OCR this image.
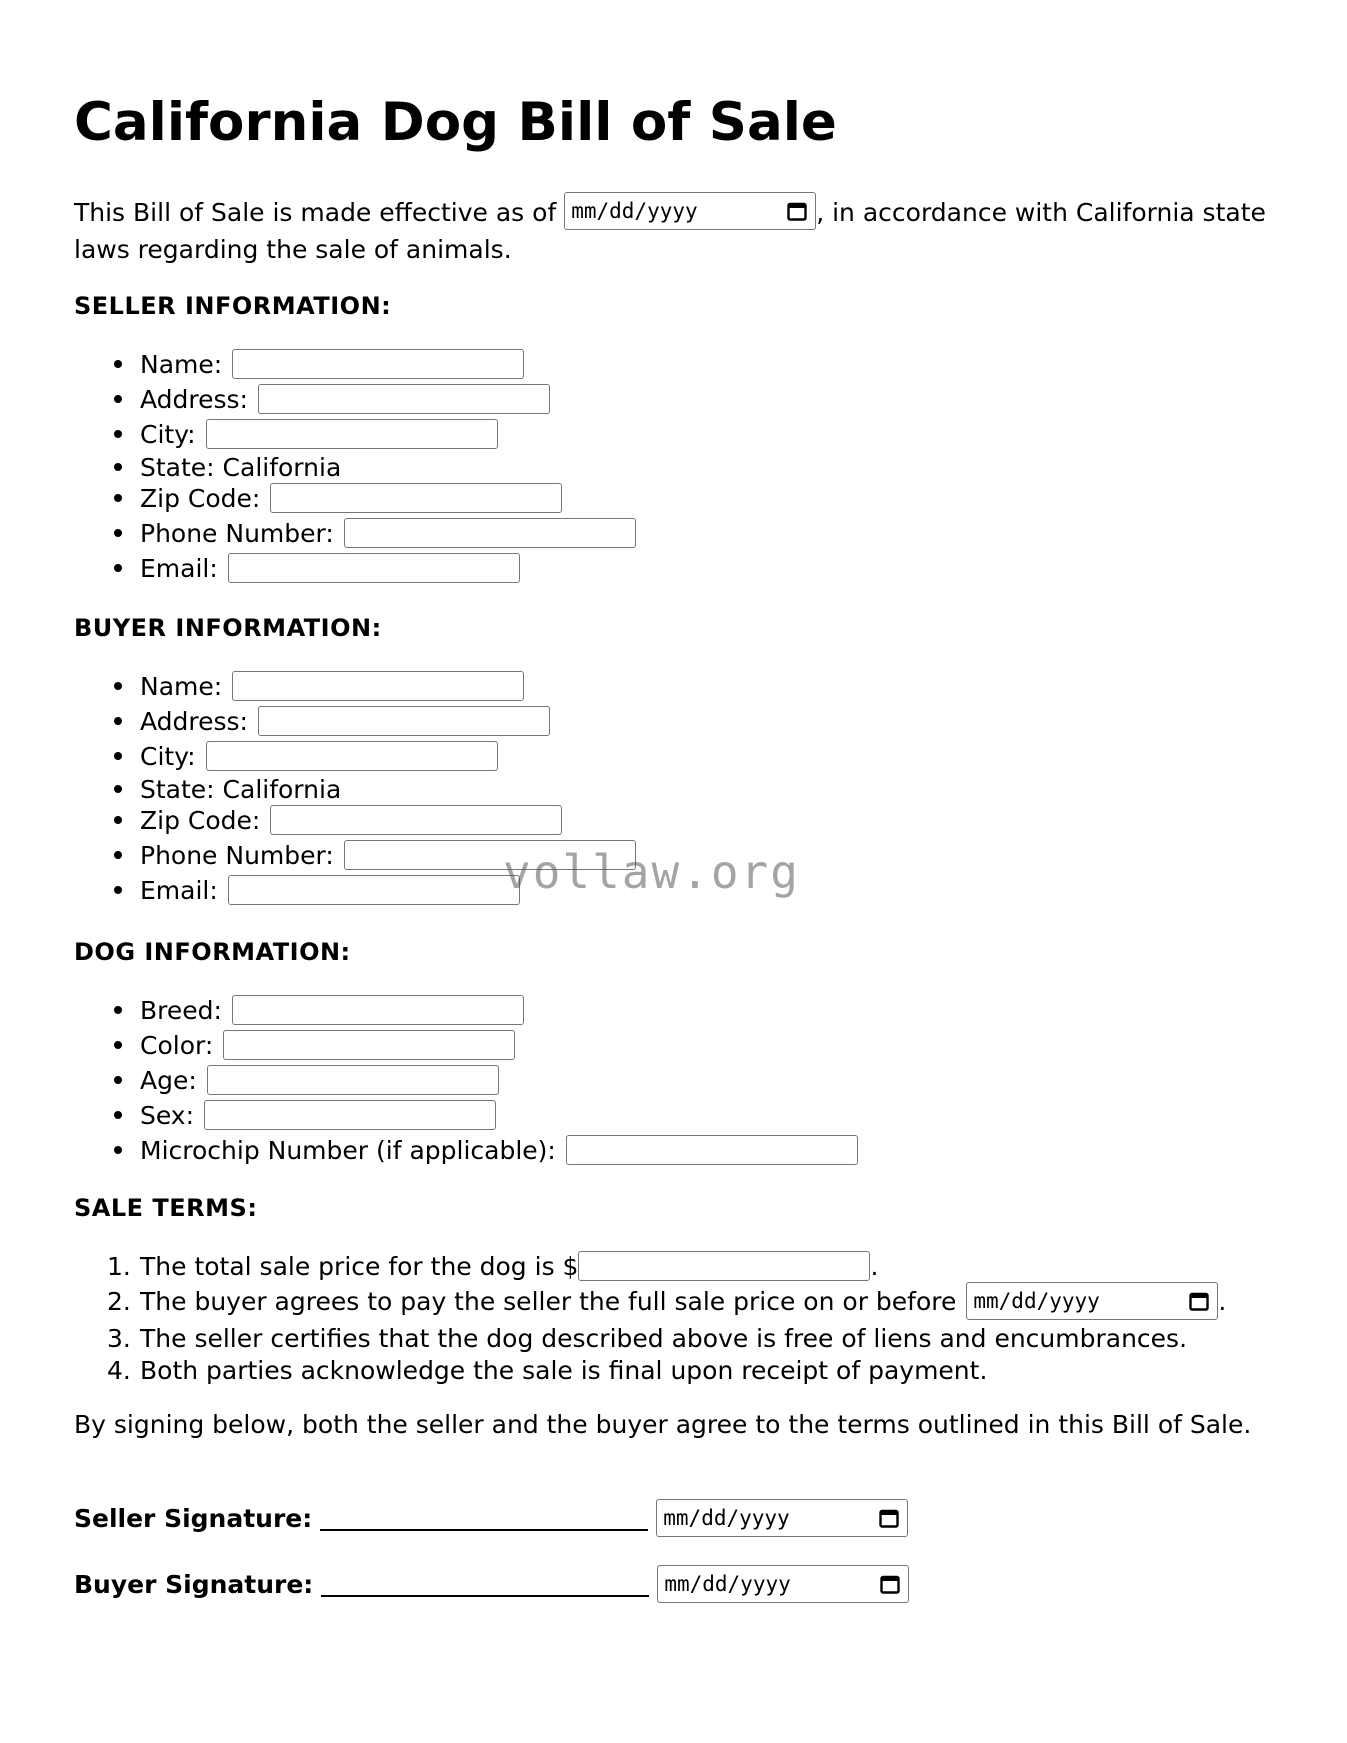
California Dog Bill of Sale

This Bill of Sale is made effective as of mm/dd/yyyy	, in accordance with California state laws regarding the sale of animals.

SELLER INFORMATION:
Name:
Address:
City:
State: California
Zip Code:
Phone Number:
Email:
BUYER INFORMATION:
Name:
Address:
City:
State: California
Zip Code:
Phone Number:
Email:
DOG INFORMATION:
Breed:
Color:
Age:
Sex:
Microchip Number (if applicable):
SALE TERMS:
1. The total sale price for the dog is $	.
2. The buyer agrees to pay the seller the full sale price on or before mm/dd/yyyy	.
3. The seller certifies that the dog described above is free of liens and encumbrances.
4. Both parties acknowledge the sale is final upon receipt of payment.

By signing below, both the seller and the buyer agree to the terms outlined in this Bill of Sale.

Seller Signature:	mm/dd/yyyy
Buyer Signature:	mm/dd/yyyy
vollaw.org
